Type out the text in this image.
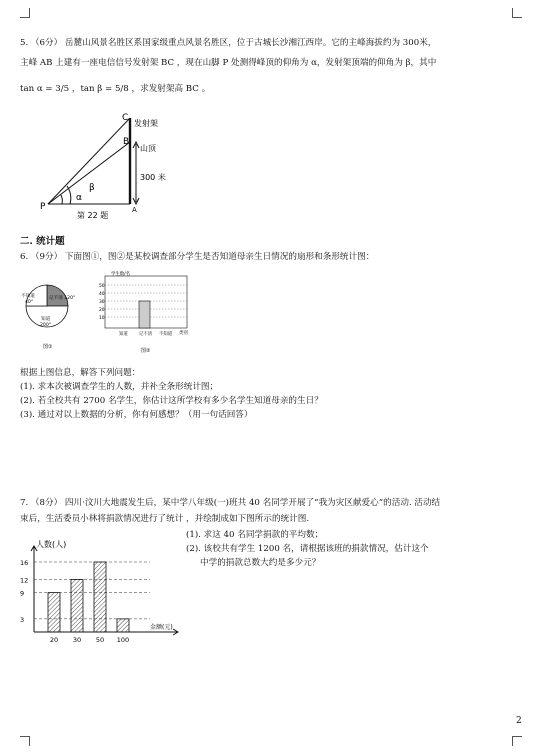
5. （6分） 岳麓山风景名胜区系国家级重点风景名胜区，位于古城长沙湘江西岸。它的主峰海拔约为 300米，
主峰 AB 上建有一座电信信号发射架 BC ，现在山脚 P 处测得峰顶的仰角为 α，发射架顶端的仰角为 β，其中
tan α = 3/5 ，tan β = 5/8 ，求发射架高 BC 。
C
B
A
P
α
β
发射架
山顶
300 米
第 22 题
二. 统计题
6. （9分） 下面图①，图②是某校调查部分学生是否知道母亲生日情况的扇形和条形统计图：
不知道
40°
记不清 120°
知道
200°
图①
学生数/名
50
40
30
20
10
知道	记不清 不知道 类别
图②
根据上图信息，解答下列问题：
(1). 求本次被调查学生的人数，并补全条形统计图；
(2). 若全校共有 2700 名学生，你估计这所学校有多少名学生知道母亲的生日？
(3). 通过对以上数据的分析，你有何感想？（用一句话回答）
7. （8分） 四川·汶川大地震发生后，某中学八年级(一)班共 40 名同学开展了“我为灾区献爱心”的活动. 活动结
束后，生活委员小林将捐款情况进行了统计 ，并绘制成如下图所示的统计图.
(1). 求这 40 名同学捐款的平均数；
(2). 该校共有学生 1200 名，请根据该班的捐款情况，估计这个
中学的捐款总数大约是多少元？
人数(人)
金额(元)
16
12
9
3
20 30 50 100
2
